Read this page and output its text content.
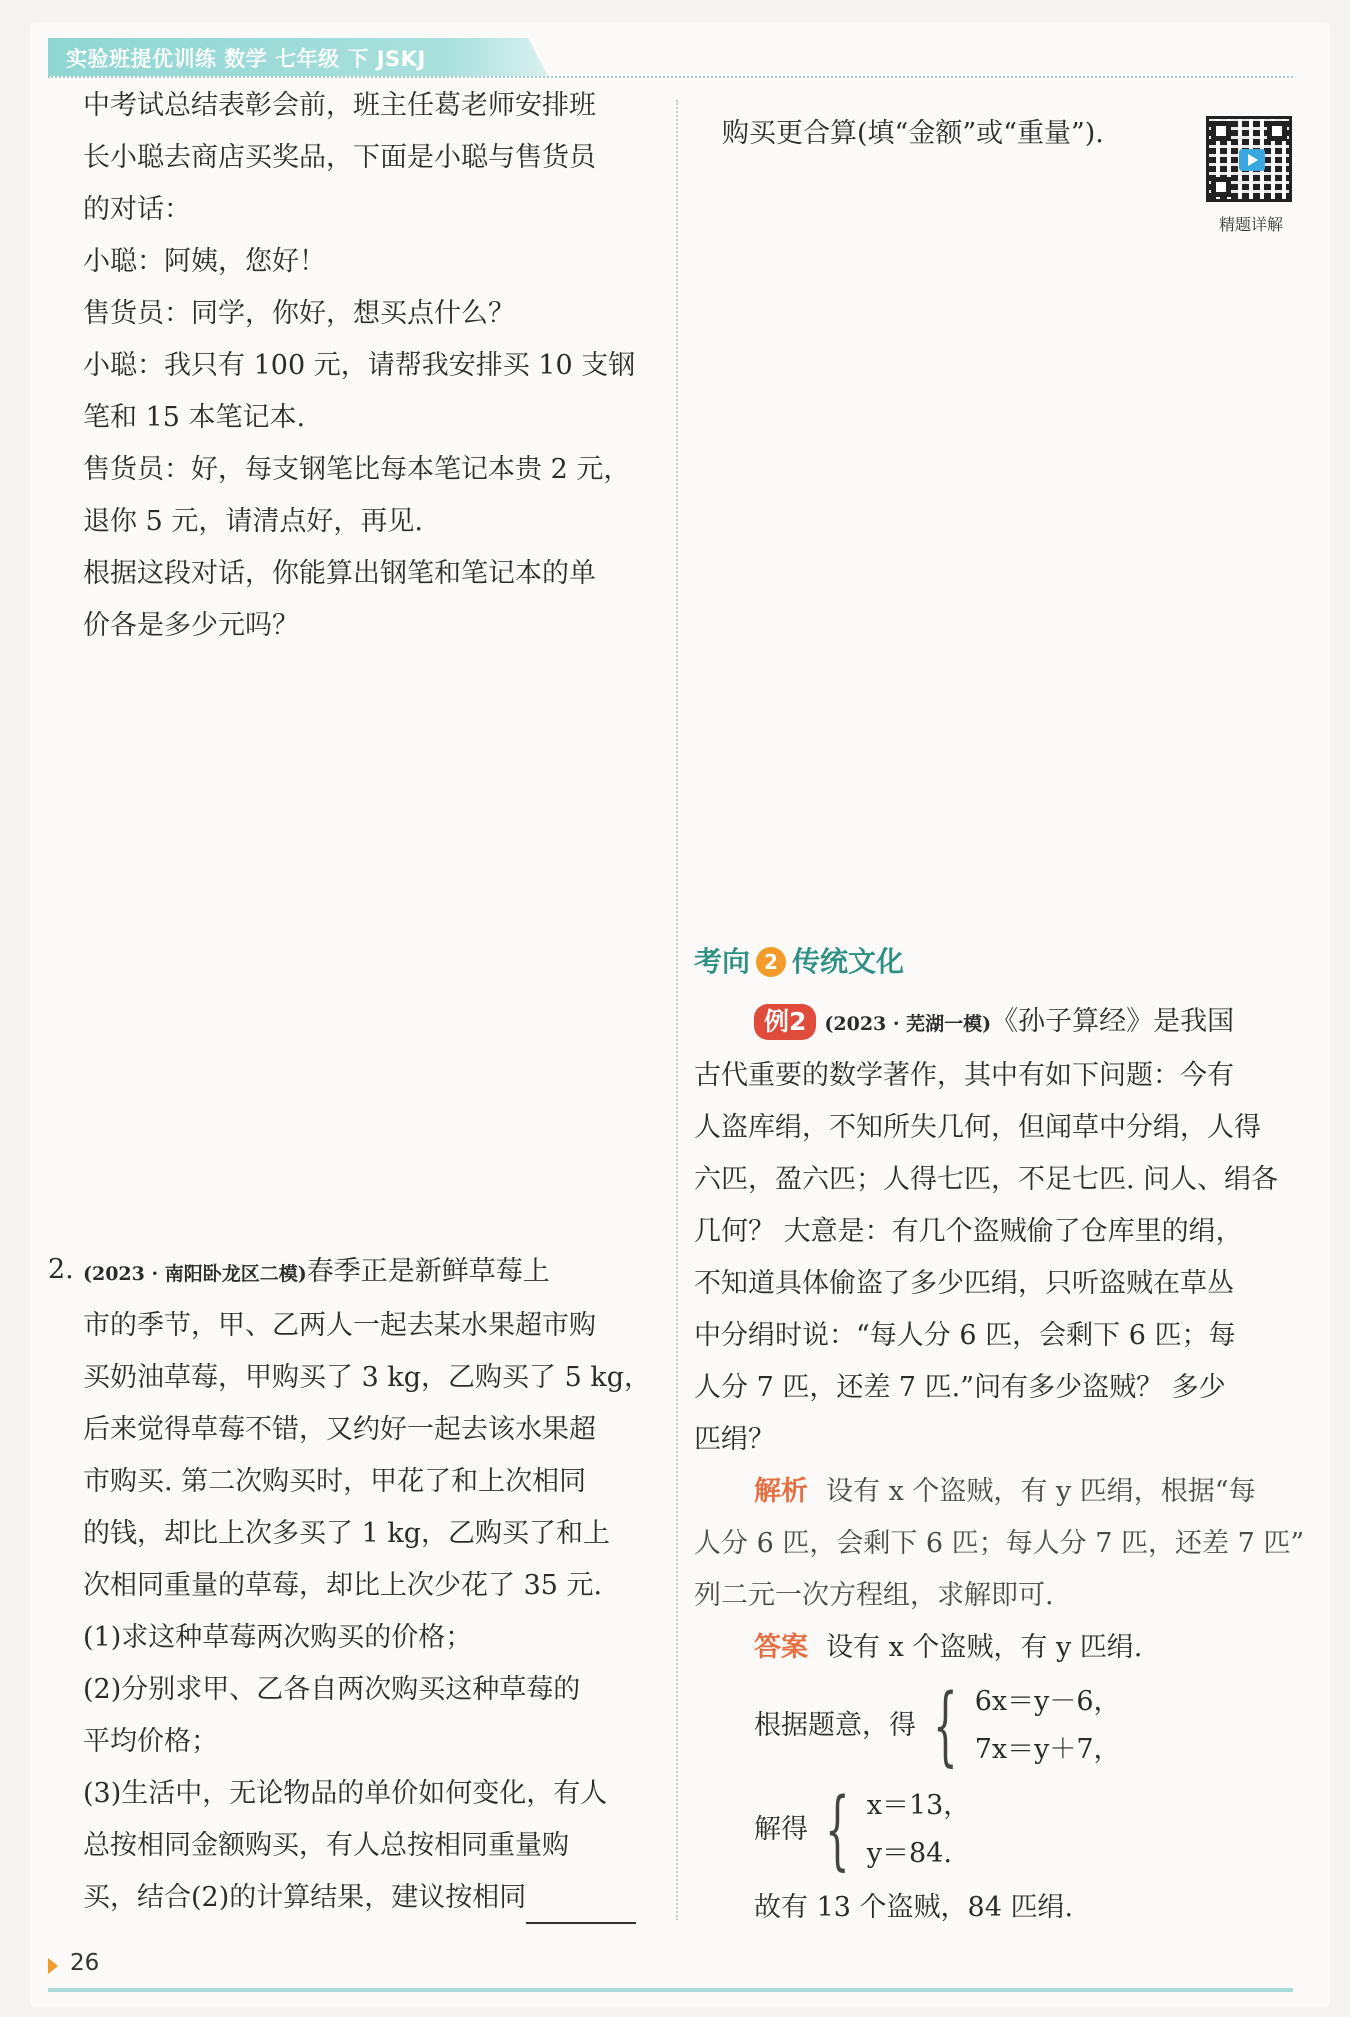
实验班提优训练 数学 七年级 下 JSKJ
中考试总结表彰会前，班主任葛老师安排班
长小聪去商店买奖品，下面是小聪与售货员
的对话：
小聪：阿姨，您好！
售货员：同学，你好，想买点什么？
小聪：我只有 100 元，请帮我安排买 10 支钢
笔和 15 本笔记本.
售货员：好，每支钢笔比每本笔记本贵 2 元，
退你 5 元，请清点好，再见.
根据这段对话，你能算出钢笔和笔记本的单
价各是多少元吗？
2. (2023 · 南阳卧龙区二模)春季正是新鲜草莓上
市的季节，甲、乙两人一起去某水果超市购
买奶油草莓，甲购买了 3 kg，乙购买了 5 kg，
后来觉得草莓不错，又约好一起去该水果超
市购买. 第二次购买时，甲花了和上次相同
的钱，却比上次多买了 1 kg，乙购买了和上
次相同重量的草莓，却比上次少花了 35 元.
(1)求这种草莓两次购买的价格；
(2)分别求甲、乙各自两次购买这种草莓的
平均价格；
(3)生活中，无论物品的单价如何变化，有人
总按相同金额购买，有人总按相同重量购
买，结合(2)的计算结果，建议按相同
购买更合算(填“金额”或“重量”).
精题详解
考向 2 传统文化
例2 (2023 · 芜湖一模)《孙子算经》是我国
古代重要的数学著作，其中有如下问题：今有
人盗库绢，不知所失几何，但闻草中分绢，人得
六匹，盈六匹；人得七匹，不足七匹. 问人、绢各
几何？ 大意是：有几个盗贼偷了仓库里的绢，
不知道具体偷盗了多少匹绢，只听盗贼在草丛
中分绢时说：“每人分 6 匹，会剩下 6 匹；每
人分 7 匹，还差 7 匹.”问有多少盗贼？ 多少
匹绢？
解析 设有 x 个盗贼，有 y 匹绢，根据“每
人分 6 匹，会剩下 6 匹；每人分 7 匹，还差 7 匹”
列二元一次方程组，求解即可.
答案 设有 x 个盗贼，有 y 匹绢.
根据题意，得 { 6x＝y－6，
7x＝y＋7，
解得 { x＝13，
y＝84.
故有 13 个盗贼，84 匹绢.
26
